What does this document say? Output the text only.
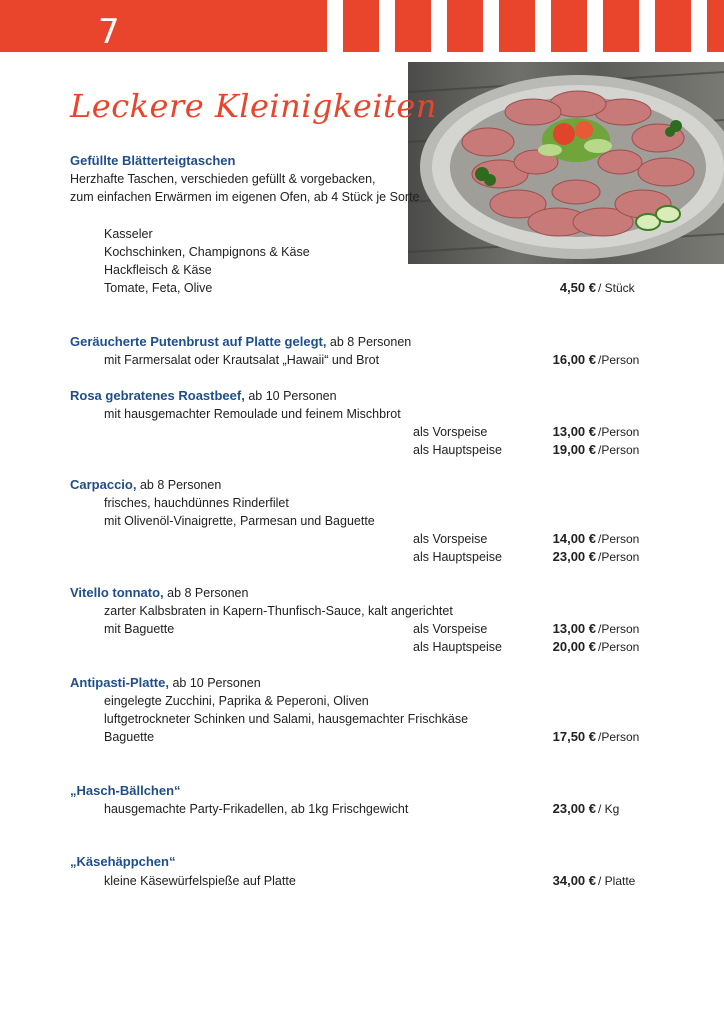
7
Leckere Kleinigkeiten
Gefüllte Blätterteigtaschen
Herzhafte Taschen, verschieden gefüllt & vorgebacken,
zum einfachen Erwärmen im eigenen Ofen, ab 4 Stück je Sorte
Kasseler
Kochschinken, Champignons & Käse
Hackfleisch & Käse
Tomate, Feta, Olive	4,50 € / Stück
Geräucherte Putenbrust auf Platte gelegt, ab 8 Personen
mit Farmersalat oder Krautsalat „Hawaii“ und Brot	16,00 € /Person
Rosa gebratenes Roastbeef, ab 10 Personen
mit hausgemachter Remoulade und feinem Mischbrot
als Vorspeise	13,00 € /Person
als Hauptspeise	19,00 € /Person
Carpaccio, ab 8 Personen
frisches, hauchdünnes Rinderfilet
mit Olivenöl-Vinaigrette, Parmesan und Baguette
als Vorspeise	14,00 € /Person
als Hauptspeise	23,00 € /Person
Vitello tonnato, ab 8 Personen
zarter Kalbsbraten in Kapern-Thunfisch-Sauce, kalt angerichtet
mit Baguette	als Vorspeise	13,00 € /Person
als Hauptspeise	20,00 € /Person
Antipasti-Platte, ab 10 Personen
eingelegte Zucchini, Paprika & Peperoni, Oliven
luftgetrockneter Schinken und Salami, hausgemachter Frischkäse
Baguette	17,50 € /Person
„Hasch-Bällchen“
hausgemachte Party-Frikadellen, ab 1kg Frischgewicht	23,00 € / Kg
„Käsehäppchen“
kleine Käsewürfelspieße auf Platte	34,00 € / Platte
